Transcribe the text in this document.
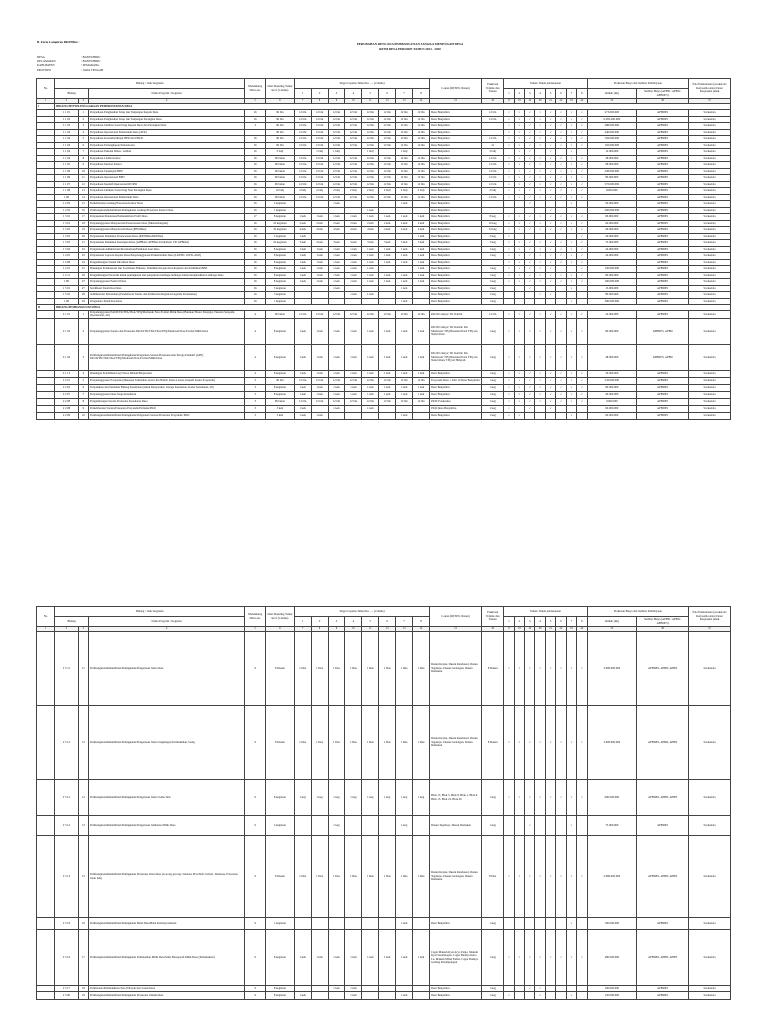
B. Form Lampiran RKPDDes :	PERUBAHAN RENCANA PEMBANGUNAN JANGKA MENENGAH DESA
RPJM DESA PERIODE TAHUN 2023 - 2030
DESA	: BANYUBIRU
KECAMATAN	: BANYUBIRU
KABUPATEN	: SEMARANG
PROVINSI	: JAWA TENGAH
No	Bidang / Jenis Kegiatan			Mendukung SDGs ke-	Data Eksisting Tahun Ke 0 (volume)	Target Capaian Tahun Ke- .... (volume)								Lokasi (RT/RW, Dusun)	Prakiraan Volume dan Satuan	Tahun/ Waktu pelaksanaan								Prakiraan Biaya dan Sumber Pembiayaan		Pola Pelaksanaan (swakelola/ Kerjasama Antar Desa/ Kerjasama pihak
	Bidang		Nama Program / Kegiatan			1	2	3	4	5	6	7	8			1	2	3	4	5	6	7	8	Jumlah (Rp)	Sumber Biaya (APBD / APBD / APBDES)	
1	2	3	4	5	6	7	8	9	10	11	12	13	14	15	16	17	18	19	20	21	22	23	24	25	26	27
1	BIDANG PENYELENGGARAAN PEMERINTAHAN DESA																									
	1 1 01	1	Penyediaan Penghasilan Tetap dan Tunjangan Kepala Desa	16	96 bln	12 bln	12 bln	12 bln	12 bln	12 bln	12 bln	12 bln	12 bln	Desa Banyubiru	12 bln	√	√	√	√	√	√	√	√	273.000.000	APBDES	Swakelola
	1 1 02	2	Penyediaan Penghasilan Tetap dan Tunjangan Perangkat Desa	16	96 bln	12 bln	12 bln	12 bln	12 bln	12 bln	12 bln	12 bln	12 bln	Desa Banyubiru	12 bln	√	√	√	√	√	√	√	√	6.283.200.000	APBDES	Swakelola
	1 1 03	3	Penyediaan Jaminan Sosial bagi Kepala Desa dan Perangkat Desa	3	96 bln	12 bln	12 bln	12 bln	12 bln	12 bln	12 bln	12 bln	12 bln	Desa Banyubiru		√	√	√	√	√	√	√	√	288.000.000	APBDES	Swakelola
	1 1 04	4	Penyediaan Operasional Pemerintah Desa (ATK)		96 bln	12 bln	12 bln	12 bln	12 bln	12 bln	12 bln	12 bln	12 bln	Desa Banyubiru		√	√	√	√	√	√	√	√	240.000.000	APBDES	Swakelola
	1 1 04	5	Penyediaan Konsumsi/Rapat BPD dan PPKD	16	96 bln	12 bln	12 bln	12 bln	12 bln	12 bln	12 bln	12 bln	12 bln	Desa Banyubiru	12 bln	√	√	√	√	√	√	√	√	192.000.000	APBDES	Swakelola
	1 1 04	6	Penyediaan Perlengkapan Perkantoran	16	96 bln	12 bln	12 bln	12 bln	12 bln	12 bln	12 bln	12 bln	12 bln	Desa Banyubiru	12	√	√	√	√	√	√	√	√	192.000.000	APBDES	Swakelola
	1 1 04	7	Penyediaan Pakaian Dinas / Atribut	16	3 bulj		1 bulj	1 bulj		1 bulj		1 bulj		Desa Banyubiru	3 bulj		√	√		√		√		12.000.000	APBDES	Swakelola
	1 1 04	8	Penyediaan Listrik Kantor	16	96 bulan	12 bln	12 bln	12 bln	12 bln	12 bln	12 bln	12 bln	12 bln	Desa Banyubiru	12 bln	√	√	√	√	√	√	√	√	28.000.000	APBDES	Swakelola
	1 1 05	9	Penyediaan Internet Kantor	16	96 bulan	12 bln	12 bln	12 bln	12 bln	12 bln	12 bln	12 bln	12 bln	Desa Banyubiru	12 bln	√	√	√	√	√	√	√	√	68.000.000	APBDES	Swakelola
	1 1 06	10	Penyediaan Tunjangan BPD	16	96 bulan	12 bln	12 bln	12 bln	12 bln	12 bln	12 bln	12 bln	12 bln	Desa Banyubiru	12 bln	√	√	√	√	√	√	√	√	228.000.000	APBDES	Swakelola
	1 1 06	11	Penyediaan Operasional BPD	16	96 bulan	12 bln	12 bln	12 bln	12 bln	12 bln	12 bln	12 bln	12 bln	Desa Banyubiru	12 bln	√	√	√	√	√	√	√	√	80.000.000	APBDES	Swakelola
	1 1 07	12	Penyediaan Insentif/Operasional RT/RW	16	96 bulan	12 bln	12 bln	12 bln	12 bln	12 bln	12 bln	12 bln	12 bln	Desa Banyubiru	12 bln	√	√	√	√	√	√	√	√	572.000.000	APBDES	Swakelola
	1 1 08	13	Penyediaan Jaminan Sosial bagi Non Perangkat Desa	16	16 bulj	2 bulj	2 bulj	2 bulj	2 bulj	2 bulj	2 bulj	2 bulj	2 bulj	Desa Banyubiru	2 bulj	√	√	√	√	√	√	√	√	8.000.000	APBDES	Swakelola
	1 90	14	Penyediaan Operasional Pemerintah Desa	16	96 bulan	12 bln	12 bln	12 bln	12 bln	12 bln	12 bln	12 bln	12 bln	Desa Banyubiru	12 bln	√	√	√	√	√	√	√	√		APBDES	Swakelola
	1 2 02	15	Pemeliharaan Gedung/Prasarana Kantor Desa	16	2 kegiatan			1 keh				1 keh		Desa Banyubiru				√				√		94.000.000	APBDES	Swakelola
	1 2 03	16	Pembangunan/Rehabilitasi/Peningkatan Gedung/Prasarana Kantor Desa	16	1 kegiatan					1 keh				Desa Banyubiru						√				200.000.000	APBDES	Swakelola
	1 3 01	17	Penyusunan/Pendataan/Pemutakhiran Profil Desa	17	8 kegiatan	1 keh	1 keh	1 keh	1 keh	1 keh	1 keh	1 keh	1 keh	Desa Banyubiru	8 keg	√	√	√	√	√	√	√	√	60.000.000	APBDES	Swakelola
	1 3 01	18	Penyelenggaraan Musyawarah Perencanaan Desa (Musrenbangdes)	16	16 kegiatan	2 keh	2 keh	2 keh	2 keh	2 keh	2 keh	2 keh	2 keh	Desa Banyubiru	16 keg	√	√	√	√	√	√	√	√	64.000.000	APBDES	Swakelola
	1 3 02	19	Penyelenggaraan Musyawarah Desa (RPJMDes)	16	32 kegiatan	4 keh	4 keh	4 keh	4 keh	4 keh	4 keh	4 keh	4 keh	Desa Banyubiru	32 keg	√	√	√	√	√	√	√	√	96.000.000	APBDES	Swakelola
	1 3 03	20	Penyusunan Dokumen Perencanaan Desa (RPJMDes/RKPDes)	16	2 kegiatan	1 keh							1 keh	Desa Banyubiru	2 keg	√							√	20.000.000	APBDES	Swakelola
	1 3 03	21	Penyusunan Dokumen Keuangan Desa (APBDes/ APBDes Perubahan/ LPJ APBDes)	16	24 kegiatan	3 keh	3 keh	3 keh	3 keh	3 keh	3 keh	3 keh	3 keh	Desa Banyubiru	3 keg	√	√	√	√	√	√	√	√	72.000.000	APBDES	Swakelola
	1 3 04	22	Pengelolaan/Administrasi/Inventarisasi/Penilaian Aset Desa	16	8 kegiatan	1 keh	1 keh	1 keh	1 keh	1 keh	1 keh	1 keh	1 keh	Desa Banyubiru	1 keg	√	√	√	√	√	√	√	√	24.000.000	APBDES	Swakelola
	1 4 05	23	Penyusunan Laporan Kepala Desa/Penyelenggaraan Pemerintahan Desa (LKPPD, LPPD, AMJ)	16	8 kegiatan	1 keh	1 keh	1 keh	1 keh	1 keh	1 keh	1 keh	1 keh	Desa Banyubiru	1 keg	√	√	√	√	√	√	√	√	24.000.000	APBDES	Swakelola
	1 4 08	24	Pengembangan Sistem Informasi Desa	16	8 kegiatan	1 keh	1 keh	1 keh	1 keh	1 keh	1 keh	1 keh	1 keh	Desa Banyubiru		√	√	√	√	√	√	√	√		APBDES	Swakelola
	1 4 10	25	Dukungan Pelaksanaan dan Sosialisasi Pilkades, Pemilihan Kepala Kewilayahan dan Pemilihan BPD	16	8 kegiatan	1 keh	1 keh	1 keh	1 keh	1 keh			1 keh	Desa Banyubiru	1 keg	√	√	√	√	√			√	120.000.000	APBDES	Swakelola
	1 4 11	26	Pengembangan Ekonomi untuk peningkatan dan pengaturan lembaga-lembaga dalam menghasilkan Lembaga Desa	16	8 kegiatan	1 keh	1 keh	1 keh	1 keh	1 keh	1 keh	1 keh	1 keh	Desa Banyubiru	1 keg	√	√	√	√	√	√	√	√	80.000.000	APBDES	Swakelola
	1 90	27	Penyelenggaraan Festival Desa	16	8 kegiatan	1 keh	1 keh	1 keh	1 keh	1 keh	1 keh	1 keh	1 keh	Desa Banyubiru	1 keg	√	√	√	√	√	√	√	√	160.000.000	APBDES	Swakelola
	1 5 01	27	Sertifikasi Tanah Kas Desa	16	3 kegiatan			1 keh				1 keh		Desa Banyubiru	1 keg			√				√		15.000.000	APBDES	Swakelola
	1 5 02	28	Administrasi Pertanahan (Pendaftaran Tanah, dan Pemberian Registrasi Agenda Pertanahan)	16	3 kegiatan				1 keh	1 keh				Desa Banyubiru	1 keg				√	√				80.000.000	APBDES	Swakelola
	1 90	29	Pengadaan Tanah Kas Desa	16	1 kegiatan							1 keh		Desa Banyubiru	1 keg							√		300.000.000	APBDES	Swakelola
II	BIDANG PEMBANGUNAN DESA																									
	2 1 01	1	Penyelenggaraan PAUD/TK/TPA/TKA/TPQ/Madrasah Non-Formal Milik Desa (Bantuan Honor Pengajar, Pakaian Seragam, Operasional, dst)	4	96 bulan	12 bln	12 bln	12 bln	12 bln	12 bln	12 bln	12 bln	12 bln	PAUD Cahaya/ TK Kartini	12 bln	√	√	√	√	√	√	√	√	24.000.000	APBDES	Swakelola
	2 1 02	2	Penyelenggaraan Sarana dan Prasarana PAUD/TK/TPA/TKA/TPQ/Madrasah Non-Formal Milik Desa	4	8 kegiatan	1 keh	1 keh	1 keh	1 keh	1 keh	1 keh	1 keh	1 keh	PAUD Cahaya/ TK Kartini/ RA Masbarok/ TPQ Bustanul Ibad/ TPQ An Nurul Iman	1 keg	√	√	√	√	√	√	√	√	80.000.000	APBDES, APBD	Swakelola
	2 1 04	3	Pembangunan/Rehabilitasi/Peningkatan/Pengadaan Sarana/Prasarana/Alat Peraga Edukatif (APE) PAUD/TK/TPA/TKA/TPQ/Madrasah Non-Formal Milik Desa	4	8 kegiatan	1 keh	1 keh	1 keh	1 keh	1 keh	1 keh	1 keh	1 keh	PAUD Cahaya/ TK Kartini/ RA Masbarok/ TPQ Bustanul Ibad/ TPQ An Nurul Iman/ TPQ Al Hidayah	1 keg	√	√	√	√	√	√	√	√	48.000.000	APBDES, APBD	Swakelola
	2 1 13	4	Dukungan Pendidikan bagi Siswa Miskin/Berprestasi	4	8 kegiatan	1 keh	1 keh	1 keh	1 keh	1 keh	1 keh	1 keh	1 keh	Desa Banyubiru	1 keg	√	√	√	√	√	√	√	√	56.000.000	APBDES	Swakelola
	2 2 01	5	Penyelenggaraan Posyandu (Makanan Tambahan, Kelas Ibu Hamil, Kelas Lansia, Insentif Kader Posyandu)	3	96 bln	12 bln	12 bln	12 bln	12 bln	12 bln	12 bln	12 bln	12 bln	Posyandu Desa 1 Unit 10 Desa Banyubiru	1 keg	√	√	√	√	√	√	√	√	232.000.000	APBDES	Swakelola
	2 2 03	6	Penyuluhan dan Pelatihan Bidang Kesehatan (untuk Masyarakat, Tenaga Kesehatan, Kader Kesehatan, dll)	3	8 kegiatan	1 keh	1 keh	1 keh	1 keh	1 keh	1 keh	1 keh	1 keh	Desa Banyubiru	1 keg	√	√	√	√	√	√	√	√	80.000.000	APBDES	Swakelola
	2 2 07	7	Penyelenggaraan Desa Siaga Kesehatan	3	8 kegiatan	1 keh	1 keh	1 keh	1 keh	1 keh	1 keh	1 keh	1 keh	Desa Banyubiru	1 keg	√	√	√	√	√	√	√	√	40.000.000	APBDES	Swakelola
	2 2 08	8	Pengembangan Sarana Prasarana Kesehatan Desa	3	96 bulan	12 bln	12 bln	12 bln	12 bln	12 bln	12 bln	12 bln	12 bln	PKD/ Ponkesdes	1 keg	√	√	√	√	√	√	√	√	9.600.000	APBDES	Swakelola
	2 2 08	9	Pemeliharaan Sarana/Prasarana Posyandu/Polindes/PKD	3	3 keh	1 keh		1 keh		1 keh				PKD Desa Banyubiru	1 keg	√		√		√				60.000.000	APBDES	Swakelola
	2 2 09	10	Pembangunan/Rehabilitasi/Peningkatan/Pengadaan Sarana/Prasarana Posyandu/ PKD	3	3 keh	1 keh	1 keh					1 keh		Desa Banyubiru	1 keg	√	√					√		60.000.000	APBDES	Swakelola
No	Bidang / Jenis Kegiatan			Mendukung SDGs ke-	Data Eksisting Tahun Ke 0 (volume)	Target Capaian Tahun Ke- .... (volume)								Lokasi (RT/RW, Dusun)	Prakiraan Volume dan Satuan	Tahun/ Waktu pelaksanaan								Prakiraan Biaya dan Sumber Pembiayaan		Pola Pelaksanaan (swakelola/ Kerjasama Antar Desa/ Kerjasama pihak
	Bidang		Nama Program / Kegiatan			1	2	3	4	5	6	7	8			1	2	3	4	5	6	7	8	Jumlah (Rp)	Sumber Biaya (APBD / APBD / APBDES)	
1	2	3	4	5	6	7	8	9	10	11	12	13	14	15	16	17	18	19	20	21	22	23	24	25	26	27
	2 3 11	11	Pembangunan/Rehabilitasi/Peningkatan/Pengerasan Jalan Desa	9	8 Dusun	1 Dus	1 Dus	1 Dus	1 Dus	1 Dus	1 Dus	1 Dus	1 Dus	Dusun Krajan, Dusun Randusari, Dusun Tegalrejo, Dusun Gedongan, Dusun Demakan	8 Dusun	√	√	√	√	√	√	√	√	3.600.000.000	APBDES, APBD, APBN	Swakelola
	2 3 12	12	Pembangunan/Rehabilitasi/Peningkatan/Pengerasan Jalan Lingkungan Permukiman /Gang	9	8 Dusun	1 Dus	1 Dus	1 Dus	1 Dus	1 Dus	1 Dus	1 Dus	1 Dus	Dusun Krajan, Dusun Randusari, Dusun Tegalrejo, Dusun Gedongan, Dusun Demakan	8 Dusun	√	√	√	√	√	√	√	√	3.600.000.000	APBDES, APBD, APBN	Swakelola
	2 3 12	12	Pembangunan/Rehabilitasi/Peningkatan/Pengerasan Jalan Usaha Tani	9	8 kegiatan	1 keg	1 keg	1 keg	1 keg	1 keg	1 keg	1 keg	1 keg	Blok 17, Blok 5, Blok 8, Blok 1, Blok 9, Blok 15, Blok 23, Blok 26	1 keg	√	√	√	√	√	√	√	√	600.000.000	APBDES, APBD, APBN	Swakelola
	2 3 12	13	Pembangunan/Rehabilitasi/Peningkatan/Pengerasan Jembatan Milik Desa	9	2 kegiatan			1 keg				1 keg		Dusun Tegalrejo, Dusun Demakan	1 keg			√				√		75.000.000	APBDES	Swakelola
	2 3 13	13	Pembangunan/Rehabilitasi/Peningkatan Prasarana Jalan Desa (Gorong-gorong, Selokan, Box/Slab Culvert, Drainase, Prasarana Jalan lain)	9	8 Dusun	1 Dus	1 Dus	1 Dus	1 Dus	1 Dus	1 Dus	1 Dus	1 Dus	Dusun Krajan, Dusun Randusari, Dusun Tegalrejo, Dusun Gedongan, Dusun Demakan	8 Dus	√	√	√	√	√	√	√	√	2.080.000.000	APBDES, APBD, APBN	Swakelola
	2 3 16	16	Pembangunan/Rehabilitasi/Peningkatan Balai Desa/Balai Kemasyarakatan	9	1 kegiatan							1 keh		Desa Banyubiru	1 keg							√		160.000.000	APBDES	Swakelola
	2 3 16	17	Pembangunan/Rehabilitasi/Peningkatan Pemakaman Milik Desa/Situs Bersejarah Milik Desa (Pemakaman)	9	8 kegiatan	1 keh	1 keh	1 keh	1 keh	1 keh	1 keh	1 keh	1 keh	Cagar Makam Kyai Aryo Penjo, Makam Kyai Sarambagan, Cagar Budaya Kebo Lu, Makam Mbah Fatma, Cagar Budaya Gedang Penampungan	1 keg	√	√	√	√	√	√	√	√	480.000.000	APBDES, APBD, APBN	Swakelola
	2 3 17	18	Pembuatan/Pemutakhiran Peta Wilayah dan Sosial Desa	9	8 kegiatan			1 keh	1 keh					Desa Banyubiru	1 keg			√	√					100.000.000	APBDES	Swakelola
	2 3 90	19	Pembangunan/Rehabilitasi/Peningkatan Prasarana Umum Desa	9	8 kegiatan	1 keh			1 keh			1 keh		Desa Banyubiru	1 keg	√			√			√		150.000.000	APBDES	Swakelola
